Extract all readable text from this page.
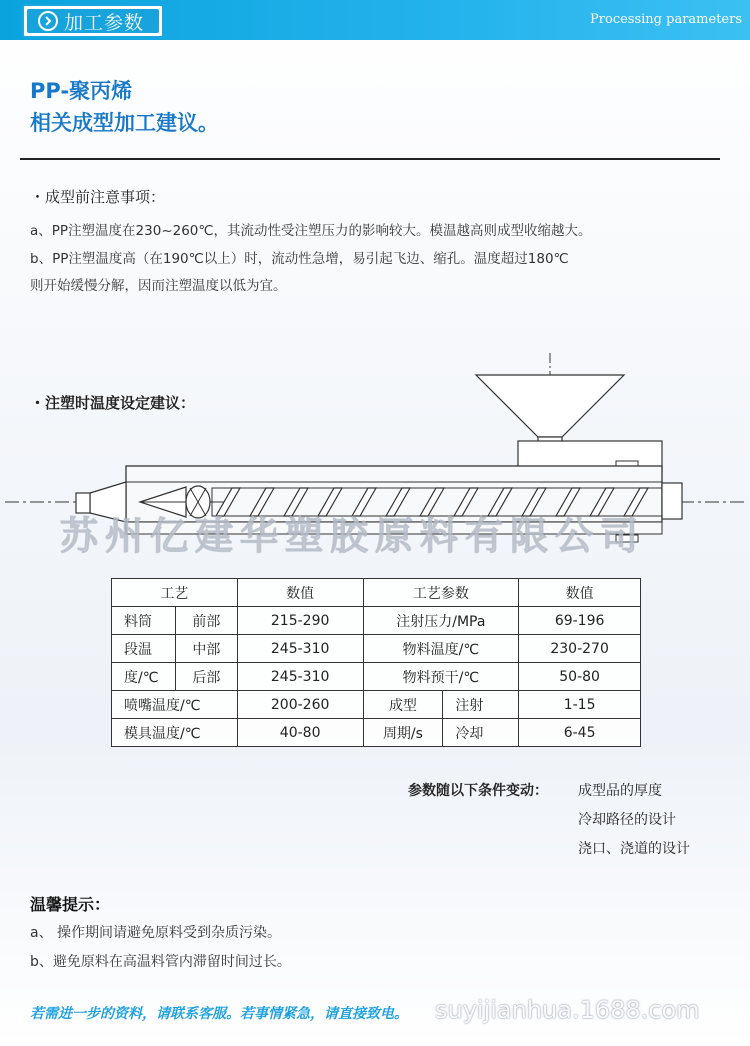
加工参数	Processing parameters
PP-聚丙烯
相关成型加工建议。
・成型前注意事项：
a、PP注塑温度在230~260℃，其流动性受注塑压力的影响较大。模温越高则成型收缩越大。
b、PP注塑温度高（在190℃以上）时，流动性急增，易引起飞边、缩孔。温度超过180℃
则开始缓慢分解，因而注塑温度以低为宜。
・注塑时温度设定建议：
苏州亿建华塑胶原料有限公司
工艺		数值	工艺参数		数值
料筒	前部	215-290	注射压力/MPa		69-196
段温	中部	245-310	物料温度/℃		230-270
度/℃	后部	245-310	物料预干/℃		50-80
喷嘴温度/℃		200-260	成型	注射	1-15
模具温度/℃		40-80	周期/s	冷却	6-45
参数随以下条件变动： 成型品的厚度
冷却路径的设计
浇口、浇道的设计
温馨提示：
a、 操作期间请避免原料受到杂质污染。
b、避免原料在高温料管内滞留时间过长。
若需进一步的资料，请联系客服。若事情紧急，请直接致电。 suyijianhua.1688.com
